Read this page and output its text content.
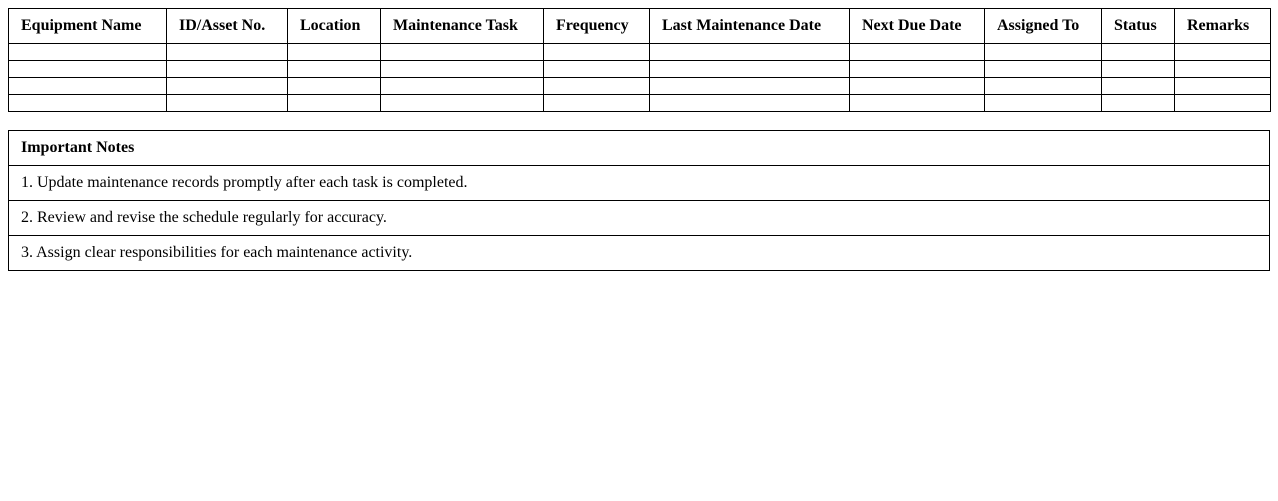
Equipment Name	ID/Asset No.	Location	Maintenance Task	Frequency	Last Maintenance Date	Next Due Date	Assigned To	Status	Remarks

Important Notes
1. Update maintenance records promptly after each task is completed.
2. Review and revise the schedule regularly for accuracy.
3. Assign clear responsibilities for each maintenance activity.
